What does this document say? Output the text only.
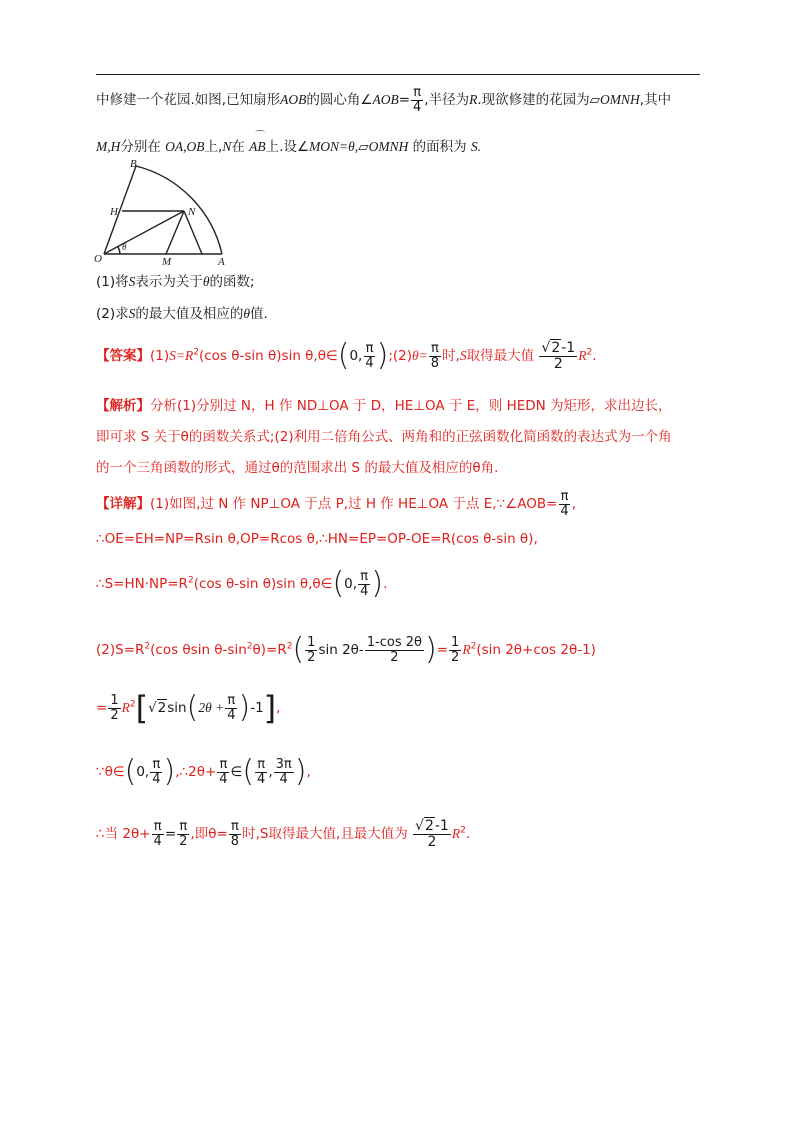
中修建一个花园.如图,已知扇形AOB的圆心角∠AOB= $\frac{\pi}{4}$ ,半径为R.现欲修建的花园为▱OMNH,其中
M,H分别在 OA,OB上,N在
⌒
AB上.设∠MON=θ,▱OMNH 的面积为 S.
B
H	N
O	M	A
θ
(1)将S表示为关于θ的函数;
(2)求S的最大值及相应的θ值.
【答案】$(1)S=R^2(\cos$ θ-sin θ)sin θ,θ∈(0, $\frac{\pi}{4}$ );(2)θ= $\frac{\pi}{8}$ 时,S取得最大值 $\frac{√2-1}{2} R^2$.
【解析】分析(1)分别过 N，H 作 ND⊥OA 于 D，HE⊥OA 于 E，则 HEDN 为矩形，求出边长，
即可求 S 关于θ的函数关系式;(2)利用二倍角公式、两角和的正弦函数化简函数的表达式为一个角
的一个三角函数的形式，通过θ的范围求出 S 的最大值及相应的θ角.
【详解】(1)如图,过 N 作 NP⊥OA 于点 P,过 H 作 HE⊥OA 于点 E,∵∠AOB= $\frac{\pi}{4}$ ,
∴OE=EH=NP=Rsin θ,OP=Rcos θ,∴HN=EP=OP-OE=R(cos θ-sin θ),
$\therefore S=HN\cdot NP=R^2(\cos$ θ-sin θ)sin θ,θ∈(0, $\frac{\pi}{4}$ ).
$(2)S=R^2(\cos$ θsin $\theta-\sin^2\theta)=R^2( \frac{1}{2}$ $\sin 2\theta- \frac{1-\cos 2\theta}{2}$ )= $\frac{1}{2} R^2(\sin$ 2θ+cos 2θ-1)
= $\frac{1}{2} R^2[√2\sin(2\theta + \frac{\pi}{4} )-1]$,
∵θ∈(0, $\frac{\pi}{4}$ ),∴2θ+ $\frac{\pi}{4}$ ∈( $\frac{\pi}{4}$ , $\frac{3\pi}{4}$ ),
∴当 $2\theta+ \frac{\pi}{4} = \frac{\pi}{2}$ ,即$\theta= \frac{\pi}{8}$ 时,S取得最大值,且最大值为 $\frac{√2-1}{2} R^2$.
